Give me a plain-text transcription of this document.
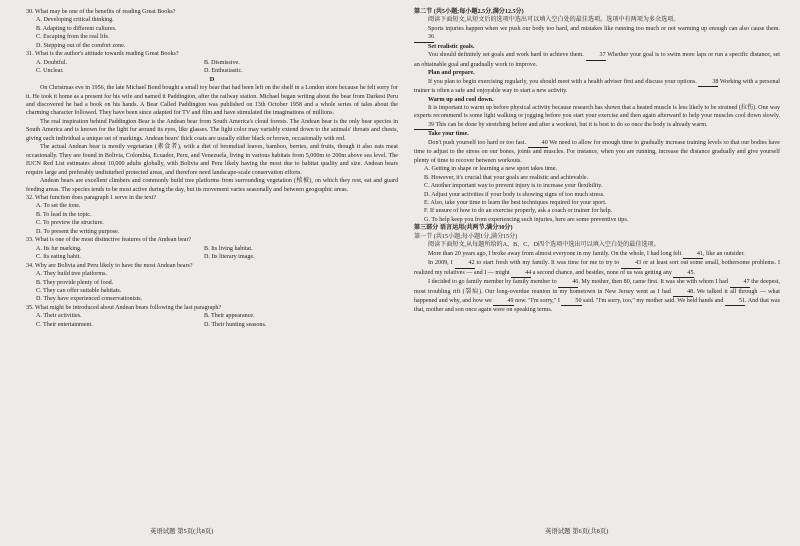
30. What may be one of the benefits of reading Great Books?

A. Developing critical thinking.

B. Adapting to different cultures.

C. Escaping from the real life.

D. Stepping out of the comfort zone.

31. What is the author's attitude towards reading Great Books?

A. Doubtful.	B. Dismissive.
C. Unclear.	D. Enthusiastic.

D

On Christmas eve in 1956, the late Michael Bond bought a small toy bear that had been left on the shelf in a London store because he felt sorry for it. He took it home as a present for his wife and named it Paddington, after the railway station. Michael began writing about the bear from Darkest Peru and discovered he had a book on his hands. A Bear Called Paddington was published on 13th October 1958 and a whole series of tales about the charming character followed. They have been since adapted for TV and film and have stimulated the imaginations of millions.

The real inspiration behind Paddington Bear is the Andean bear from South America's cloud forests. The Andean bear is the only bear species in South America and is known for the light fur around its eyes, like glasses. The light color may variably extend down to the animals' throats and chests, giving each individual a unique set of markings. Andean bears' thick coats are usually either black or brown, occasionally with red.

The actual Andean bear is mostly vegetarian (素食者), with a diet of bromeliad leaves, bamboo, berries, and fruits, though it also eats meat occasionally. They are found in Bolivia, Colombia, Ecuador, Peru, and Venezuela, living in various habitats from 5,000m to 200m above sea level. The IUCN Red List estimates about 10,000 adults globally, with Bolivia and Peru likely having the most due to habitat quality and size. Andean bears require large and preferably undisturbed protected areas, and therefore need landscape-scale conservation efforts.

Andean bears are excellent climbers and commonly build tree platforms from surrounding vegetation (植被), on which they rest, eat and guard feeding areas. The species tends to be most active during the day, but its movement varies seasonally and between geographic areas.

32. What function does paragraph 1 serve in the text?

A. To set the tone.

B. To lead in the topic.

C. To preview the structure.

D. To present the writing purpose.

33. What is one of the most distinctive features of the Andean bear?

A. Its fur marking.	B. Its living habitat.
C. Its eating habit.	D. Its literary image.

34. Why are Bolivia and Peru likely to have the most Andean bears?

A. They build tree platforms.

B. They provide plenty of food.

C. They can offer suitable habitats.

D. They have experienced conservationists.

35. What might be introduced about Andean bears following the last paragraph?

A. Their activities.	B. Their appearance.
C. Their entertainment.	D. Their hunting seasons.

第二节 (共5小题;每小题2.5分,满分12.5分)

阅读下面短文,从短文后的选项中选出可以填入空白处的最佳选项。选项中有两项为多余选项。

Sports injuries happen when we push our body too hard, and mistakes like running too much or not warming up enough can also cause them. 36

Set realistic goals.

You should definitely set goals and work hard to achieve them.	37 Whether your goal is to swim more laps or run a specific distance, set an obtainable goal and gradually work to improve.

Plan and prepare.

If you plan to begin exercising regularly, you should meet with a health adviser first and discuss your options.	38 Working with a personal trainer is often a safe and enjoyable way to start a new activity.

Warm up and cool down.

It is important to warm up before physical activity because research has shown that a heated muscle is less likely to be strained (拉伤). One way experts recommend is some light walking or jogging before you start your exercise and then again afterward to help your muscles cool down slowly. 39 This can be done by stretching before and after a workout, but it is best to do so once the body is already warm.

Take your time.

Don't push yourself too hard or too fast.	40 We need to allow for enough time to gradually increase training levels so that our bodies have time to adjust to the stress on our bones, joints and muscles. For instance, when you are running, increase the distance gradually and give yourself plenty of time to recover between workouts.

A. Getting in shape or learning a new sport takes time.

B. However, it's crucial that your goals are realistic and achievable.

C. Another important way to prevent injury is to increase your flexibility.

D. Adjust your activities if your body is showing signs of too much stress.

E. Also, take your time to learn the best techniques required for your sport.

F. If unsure of how to do an exercise properly, ask a coach or trainer for help.

G. To help keep you from experiencing such injuries, here are some preventive tips.

第三部分 语言运用(共两节,满分30分)

第一节 (共15小题;每小题1分,满分15分)

阅读下面短文,从每题所给的A、B、C、D四个选项中选出可以填入空白处的最佳选项。

More than 20 years ago, I broke away from almost everyone in my family. On the whole, I had long felt	41, like an outsider.

In 2009, I	42 to start fresh with my family. It was time for me to try to	43 or at least sort out some small, bothersome problems. I realized my relatives — and I — might	44 a second chance, and besides, none of us was getting any	45.

I decided to go family member by family member to	46. My mother, then 80, came first. It was she with whom I had	47 the deepest, most troubling rift (裂痕). Our long-overdue reunion in my hometown in New Jersey went as I had	48. We talked it all through — what happened and why, and how we	49 now. "I'm sorry," I	50 said. "I'm sorry, too," my mother said. We held hands and	51. And that was that, mother and son once again were on speaking terms.

英语试题 第5页(共8页)	英语试题 第6页(共8页)
